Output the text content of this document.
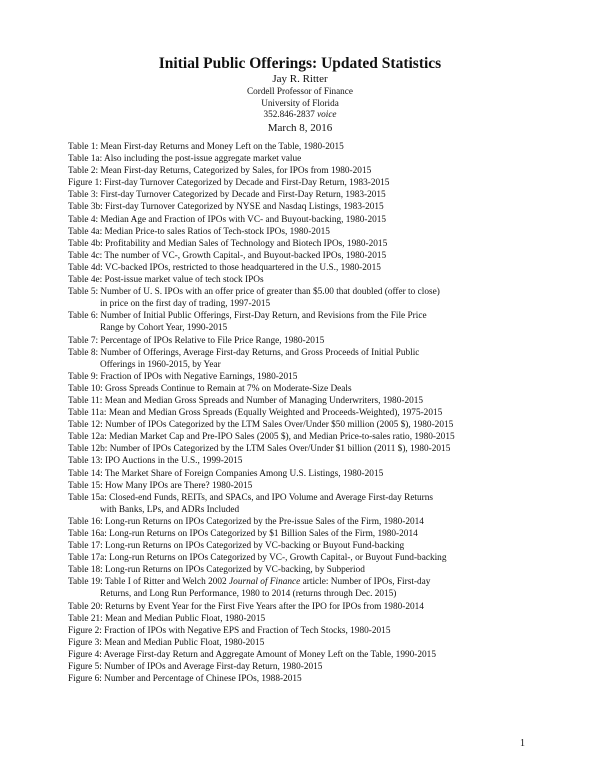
Initial Public Offerings: Updated Statistics
Jay R. Ritter
Cordell Professor of Finance
University of Florida
352.846-2837 voice
March 8, 2016
Table 1: Mean First-day Returns and Money Left on the Table, 1980-2015
Table 1a: Also including the post-issue aggregate market value
Table 2: Mean First-day Returns, Categorized by Sales, for IPOs from 1980-2015
Figure 1: First-day Turnover Categorized by Decade and First-Day Return, 1983-2015
Table 3: First-day Turnover Categorized by Decade and First-Day Return, 1983-2015
Table 3b: First-day Turnover Categorized by NYSE and Nasdaq Listings, 1983-2015
Table 4: Median Age and Fraction of IPOs with VC- and Buyout-backing, 1980-2015
Table 4a: Median Price-to sales Ratios of Tech-stock IPOs, 1980-2015
Table 4b: Profitability and Median Sales of Technology and Biotech IPOs, 1980-2015
Table 4c: The number of VC-, Growth Capital-, and Buyout-backed IPOs, 1980-2015
Table 4d: VC-backed IPOs, restricted to those headquartered in the U.S., 1980-2015
Table 4e: Post-issue market value of tech stock IPOs
Table 5: Number of U. S. IPOs with an offer price of greater than $5.00 that doubled (offer to close)
in price on the first day of trading, 1997-2015
Table 6: Number of Initial Public Offerings, First-Day Return, and Revisions from the File Price
Range by Cohort Year, 1990-2015
Table 7: Percentage of IPOs Relative to File Price Range, 1980-2015
Table 8: Number of Offerings, Average First-day Returns, and Gross Proceeds of Initial Public
Offerings in 1960-2015, by Year
Table 9: Fraction of IPOs with Negative Earnings, 1980-2015
Table 10: Gross Spreads Continue to Remain at 7% on Moderate-Size Deals
Table 11: Mean and Median Gross Spreads and Number of Managing Underwriters, 1980-2015
Table 11a: Mean and Median Gross Spreads (Equally Weighted and Proceeds-Weighted), 1975-2015
Table 12: Number of IPOs Categorized by the LTM Sales Over/Under $50 million (2005 $), 1980-2015
Table 12a: Median Market Cap and Pre-IPO Sales (2005 $), and Median Price-to-sales ratio, 1980-2015
Table 12b: Number of IPOs Categorized by the LTM Sales Over/Under $1 billion (2011 $), 1980-2015
Table 13: IPO Auctions in the U.S., 1999-2015
Table 14: The Market Share of Foreign Companies Among U.S. Listings, 1980-2015
Table 15: How Many IPOs are There? 1980-2015
Table 15a: Closed-end Funds, REITs, and SPACs, and IPO Volume and Average First-day Returns
with Banks, LPs, and ADRs Included
Table 16: Long-run Returns on IPOs Categorized by the Pre-issue Sales of the Firm, 1980-2014
Table 16a: Long-run Returns on IPOs Categorized by $1 Billion Sales of the Firm, 1980-2014
Table 17: Long-run Returns on IPOs Categorized by VC-backing or Buyout Fund-backing
Table 17a: Long-run Returns on IPOs Categorized by VC-, Growth Capital-, or Buyout Fund-backing
Table 18: Long-run Returns on IPOs Categorized by VC-backing, by Subperiod
Table 19: Table I of Ritter and Welch 2002 Journal of Finance article: Number of IPOs, First-day
Returns, and Long Run Performance, 1980 to 2014 (returns through Dec. 2015)
Table 20: Returns by Event Year for the First Five Years after the IPO for IPOs from 1980-2014
Table 21: Mean and Median Public Float, 1980-2015
Figure 2: Fraction of IPOs with Negative EPS and Fraction of Tech Stocks, 1980-2015
Figure 3: Mean and Median Public Float, 1980-2015
Figure 4: Average First-day Return and Aggregate Amount of Money Left on the Table, 1990-2015
Figure 5: Number of IPOs and Average First-day Return, 1980-2015
Figure 6: Number and Percentage of Chinese IPOs, 1988-2015
1
